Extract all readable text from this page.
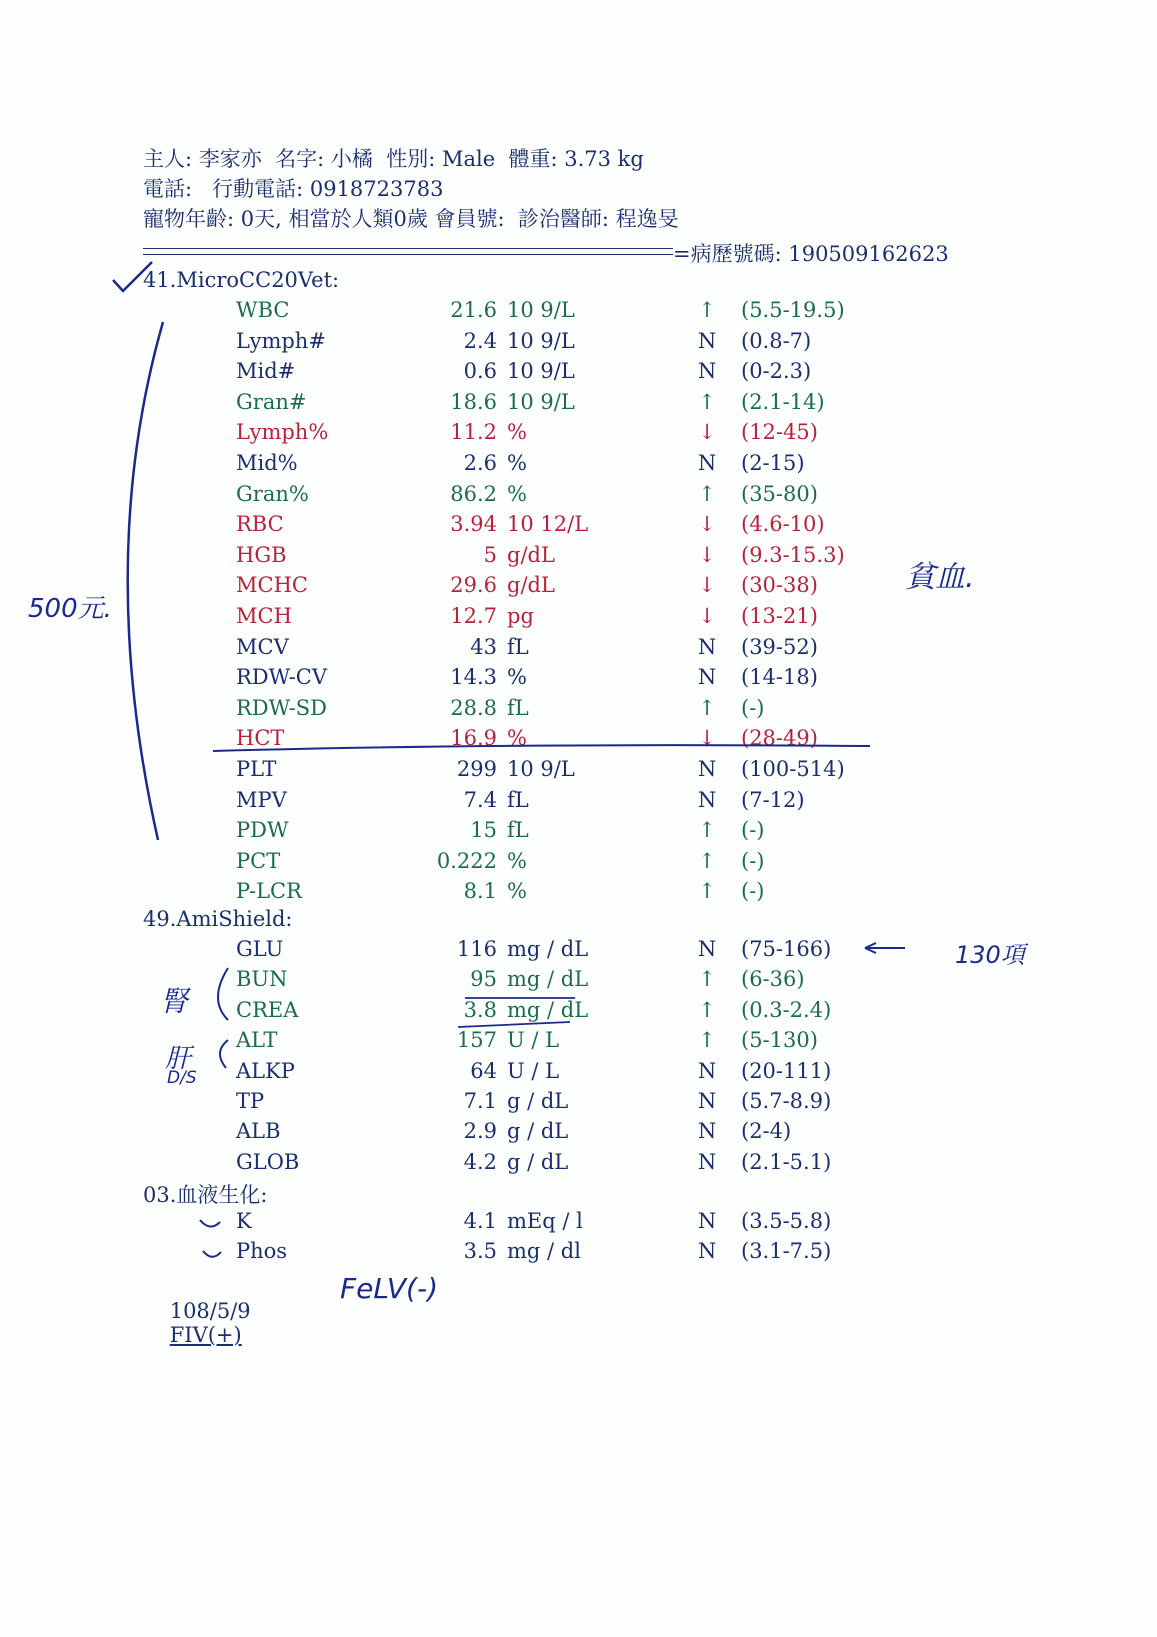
主人: 李家亦  名字: 小橘  性別: Male  體重: 3.73 kg
電話:   行動電話: 0918723783
寵物年齡: 0天, 相當於人類0歲 會員號:  診治醫師: 程逸旻
=病歷號碼: 190509162623
41.MicroCC20Vet:
49.AmiShield:
03.血液生化:
WBC	21.6 10 9/L	↑ (5.5-19.5)
Lymph#	2.4 10 9/L	N (0.8-7)
Mid#	0.6 10 9/L	N (0-2.3)
Gran#	18.6 10 9/L	↑ (2.1-14)
Lymph%	11.2 %	↓ (12-45)
Mid%	2.6 %	N (2-15)
Gran%	86.2 %	↑ (35-80)
RBC	3.94 10 12/L	↓ (4.6-10)
HGB	5 g/dL	↓ (9.3-15.3)
MCHC	29.6 g/dL	↓ (30-38)
MCH	12.7 pg	↓ (13-21)
MCV	43 fL	N (39-52)
RDW-CV	14.3 %	N (14-18)
RDW-SD	28.8 fL	↑ (-)
HCT	16.9 %	↓ (28-49)
PLT	299 10 9/L	N (100-514)
MPV	7.4 fL	N (7-12)
PDW	15 fL	↑ (-)
PCT	0.222 %	↑ (-)
P-LCR	8.1 %	↑ (-)
GLU	116 mg / dL	N (75-166)
BUN	95 mg / dL	↑ (6-36)
CREA	3.8 mg / dL	↑ (0.3-2.4)
ALT	157 U / L	↑ (5-130)
ALKP	64 U / L	N (20-111)
TP	7.1 g / dL	N (5.7-8.9)
ALB	2.9 g / dL	N (2-4)
GLOB	4.2 g / dL	N (2.1-5.1)
K	4.1 mEq / l	N (3.5-5.8)
Phos	3.5 mg / dl	N (3.1-7.5)

108/5/9
FIV(+)

500元.
貧血.
130項
腎
肝
D/S
FeLV(-)
